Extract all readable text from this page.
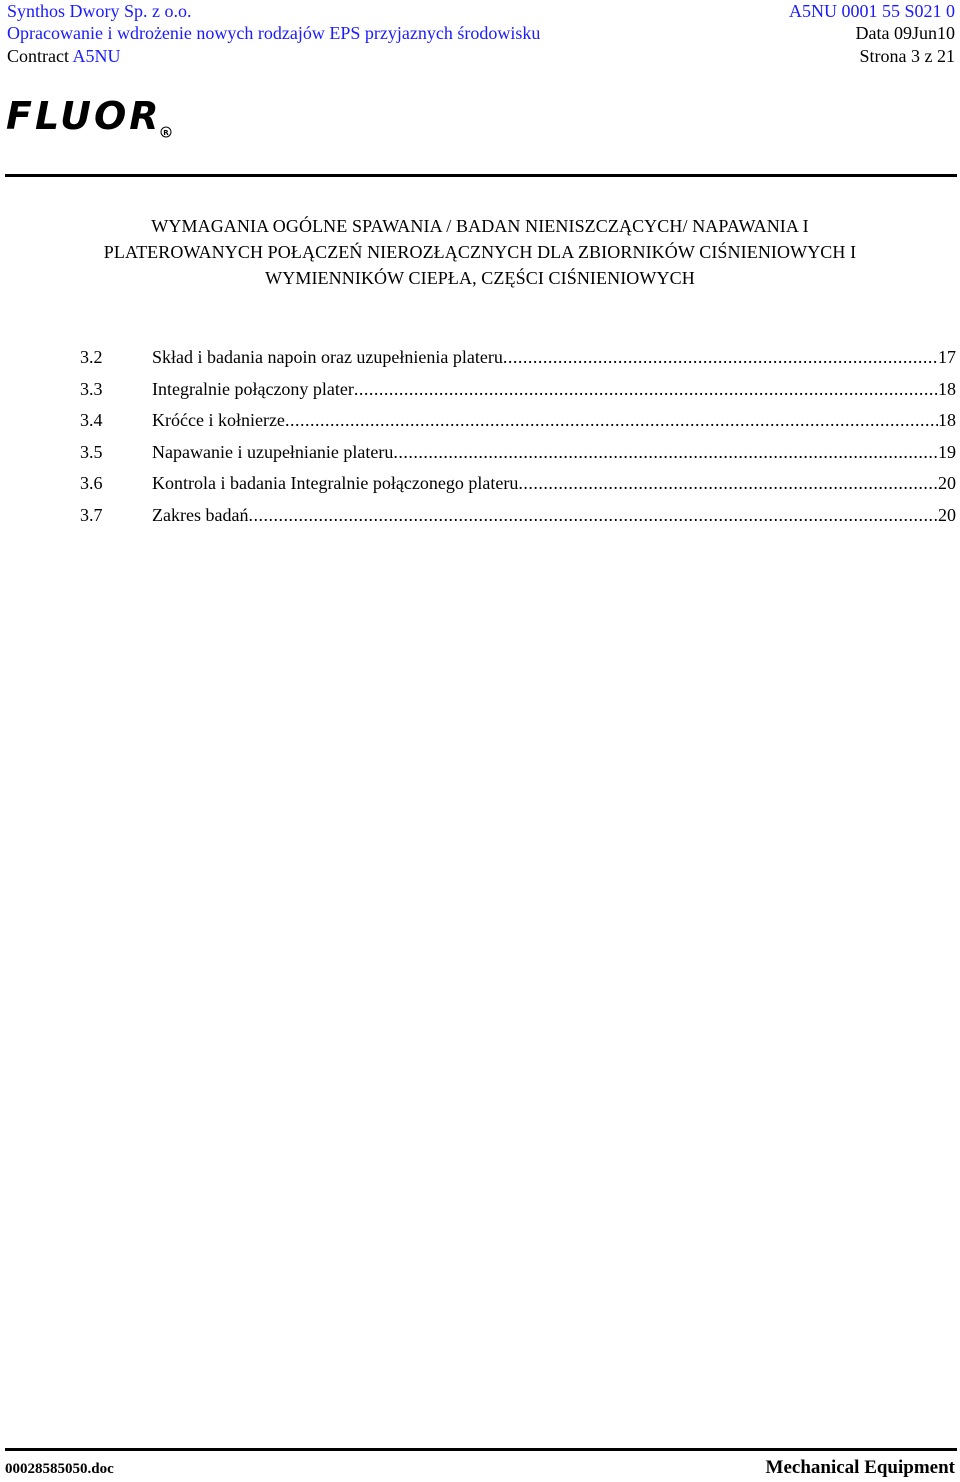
Synthos Dwory Sp. z o.o.	A5NU 0001 55 S021 0
Opracowanie i wdrożenie nowych rodzajów EPS przyjaznych środowisku	Data 09Jun10
Contract A5NU	Strona 3 z 21
FLUOR R
WYMAGANIA OGÓLNE SPAWANIA / BADAN NIENISZCZĄCYCH/ NAPAWANIA I
PLATEROWANYCH POŁĄCZEŃ NIEROZŁĄCZNYCH DLA ZBIORNIKÓW CIŚNIENIOWYCH I
WYMIENNIKÓW CIEPŁA, CZĘŚCI CIŚNIENIOWYCH
3.2	Skład i badania napoin oraz uzupełnienia plateru .....	17
3.3	Integralnie połączony plater .....	18
3.4	Króćce i kołnierze .....	18
3.5	Napawanie i uzupełnianie plateru .....	19
3.6	Kontrola i badania Integralnie połączonego plateru .....	20
3.7	Zakres badań .....	20
00028585050.doc	Mechanical Equipment
